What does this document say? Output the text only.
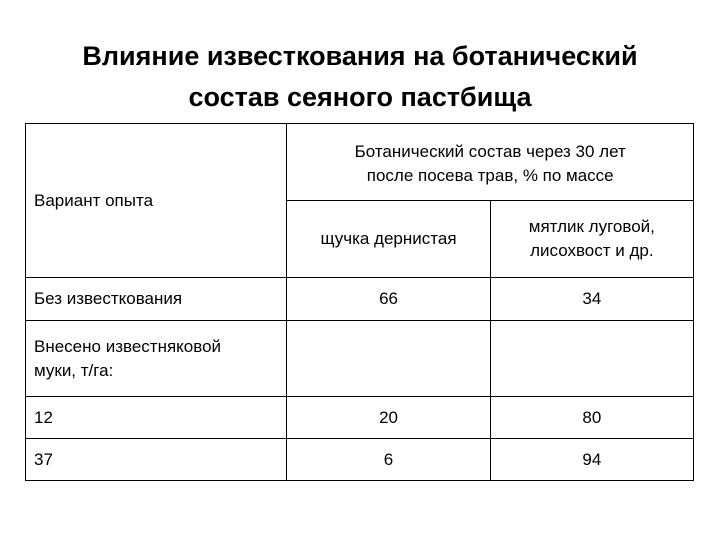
Влияние известкования на ботанический
состав сеяного пастбища
Вариант опыта	Ботанический состав через 30 лет
после посева трав, % по массе	

	щучка дернистая	мятлик луговой,
лисохвост и др.

Без известкования	66	34

Внесено известняковой
муки, т/га:		

12	20	80
37	6	94
